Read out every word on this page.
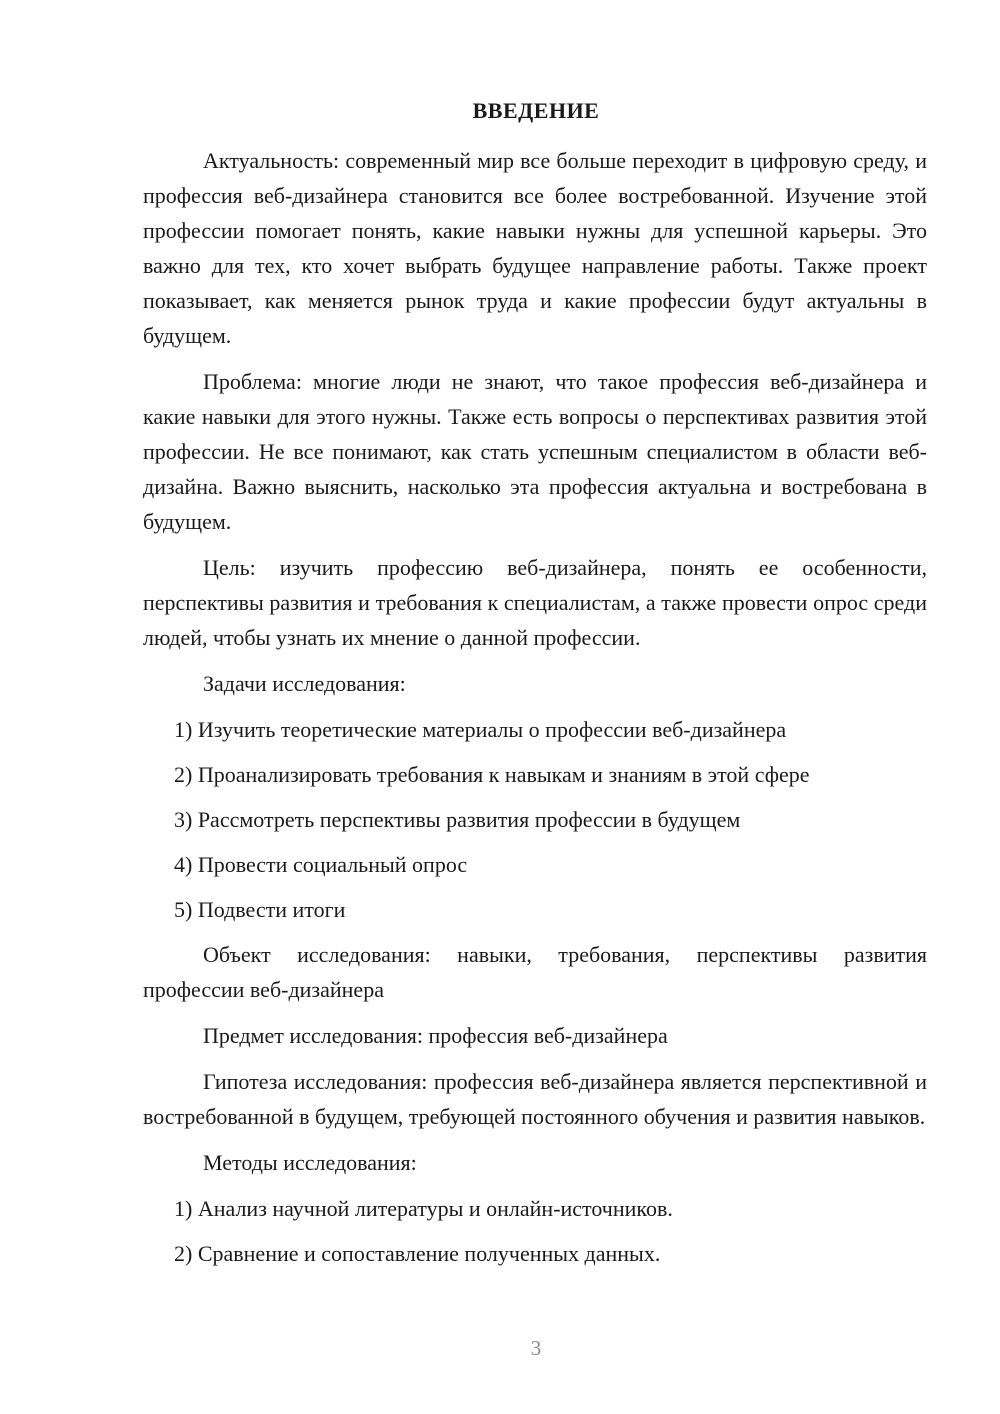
ВВЕДЕНИЕ

Актуальность: современный мир все больше переходит в цифровую среду, и профессия веб-дизайнера становится все более востребованной. Изучение этой профессии помогает понять, какие навыки нужны для успешной карьеры. Это важно для тех, кто хочет выбрать будущее направление работы. Также проект показывает, как меняется рынок труда и какие профессии будут актуальны в будущем.

Проблема: многие люди не знают, что такое профессия веб-дизайнера и какие навыки для этого нужны. Также есть вопросы о перспективах развития этой профессии. Не все понимают, как стать успешным специалистом в области веб-дизайна. Важно выяснить, насколько эта профессия актуальна и востребована в будущем.

Цель: изучить профессию веб-дизайнера, понять ее особенности, перспективы развития и требования к специалистам, а также провести опрос среди людей, чтобы узнать их мнение о данной профессии.

Задачи исследования:

1) Изучить теоретические материалы о профессии веб-дизайнера
2) Проанализировать требования к навыкам и знаниям в этой сфере
3) Рассмотреть перспективы развития профессии в будущем
4) Провести социальный опрос
5) Подвести итоги

Объект исследования: навыки, требования, перспективы развития профессии веб-дизайнера

Предмет исследования: профессия веб-дизайнера

Гипотеза исследования: профессия веб-дизайнера является перспективной и востребованной в будущем, требующей постоянного обучения и развития навыков.

Методы исследования:

1) Анализ научной литературы и онлайн-источников.
2) Сравнение и сопоставление полученных данных.
3
